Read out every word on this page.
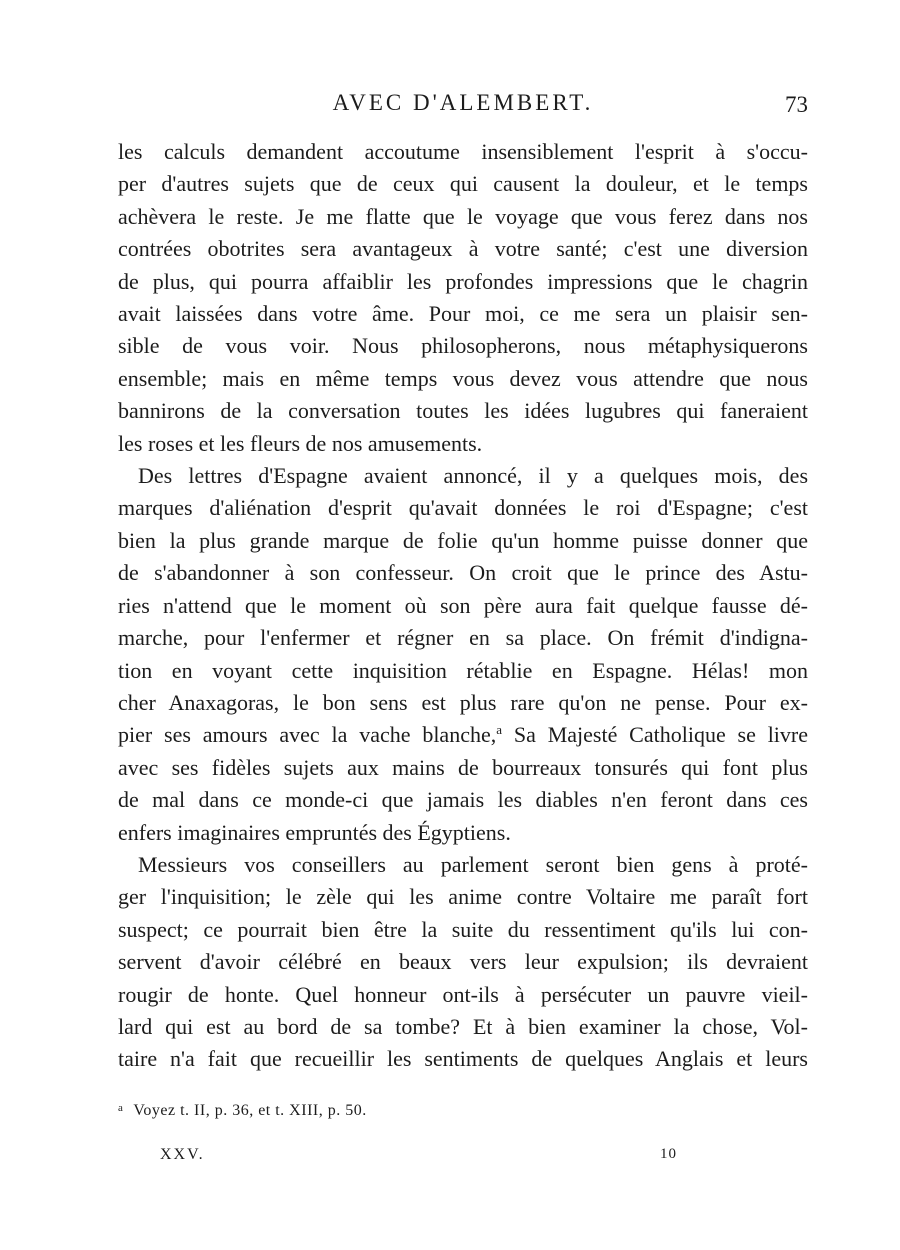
AVEC D'ALEMBERT.	73

les calculs demandent accoutume insensiblement l'esprit à s'occu-
per d'autres sujets que de ceux qui causent la douleur, et le temps
achèvera le reste. Je me flatte que le voyage que vous ferez dans nos
contrées obotrites sera avantageux à votre santé; c'est une diversion
de plus, qui pourra affaiblir les profondes impressions que le chagrin
avait laissées dans votre âme. Pour moi, ce me sera un plaisir sen-
sible de vous voir. Nous philosopherons, nous métaphysiquerons
ensemble; mais en même temps vous devez vous attendre que nous
bannirons de la conversation toutes les idées lugubres qui faneraient
les roses et les fleurs de nos amusements.

Des lettres d'Espagne avaient annoncé, il y a quelques mois, des
marques d'aliénation d'esprit qu'avait données le roi d'Espagne; c'est
bien la plus grande marque de folie qu'un homme puisse donner que
de s'abandonner à son confesseur. On croit que le prince des Astu-
ries n'attend que le moment où son père aura fait quelque fausse dé-
marche, pour l'enfermer et régner en sa place. On frémit d'indigna-
tion en voyant cette inquisition rétablie en Espagne. Hélas! mon
cher Anaxagoras, le bon sens est plus rare qu'on ne pense. Pour ex-
pier ses amours avec la vache blanche,$^a$ Sa Majesté Catholique se livre
avec ses fidèles sujets aux mains de bourreaux tonsurés qui font plus
de mal dans ce monde-ci que jamais les diables n'en feront dans ces
enfers imaginaires empruntés des Égyptiens.

Messieurs vos conseillers au parlement seront bien gens à proté-
ger l'inquisition; le zèle qui les anime contre Voltaire me paraît fort
suspect; ce pourrait bien être la suite du ressentiment qu'ils lui con-
servent d'avoir célébré en beaux vers leur expulsion; ils devraient
rougir de honte. Quel honneur ont-ils à persécuter un pauvre vieil-
lard qui est au bord de sa tombe? Et à bien examiner la chose, Vol-
taire n'a fait que recueillir les sentiments de quelques Anglais et leurs

$^a$ Voyez t. II, p. 36, et t. XIII, p. 50.
XXV.	10
